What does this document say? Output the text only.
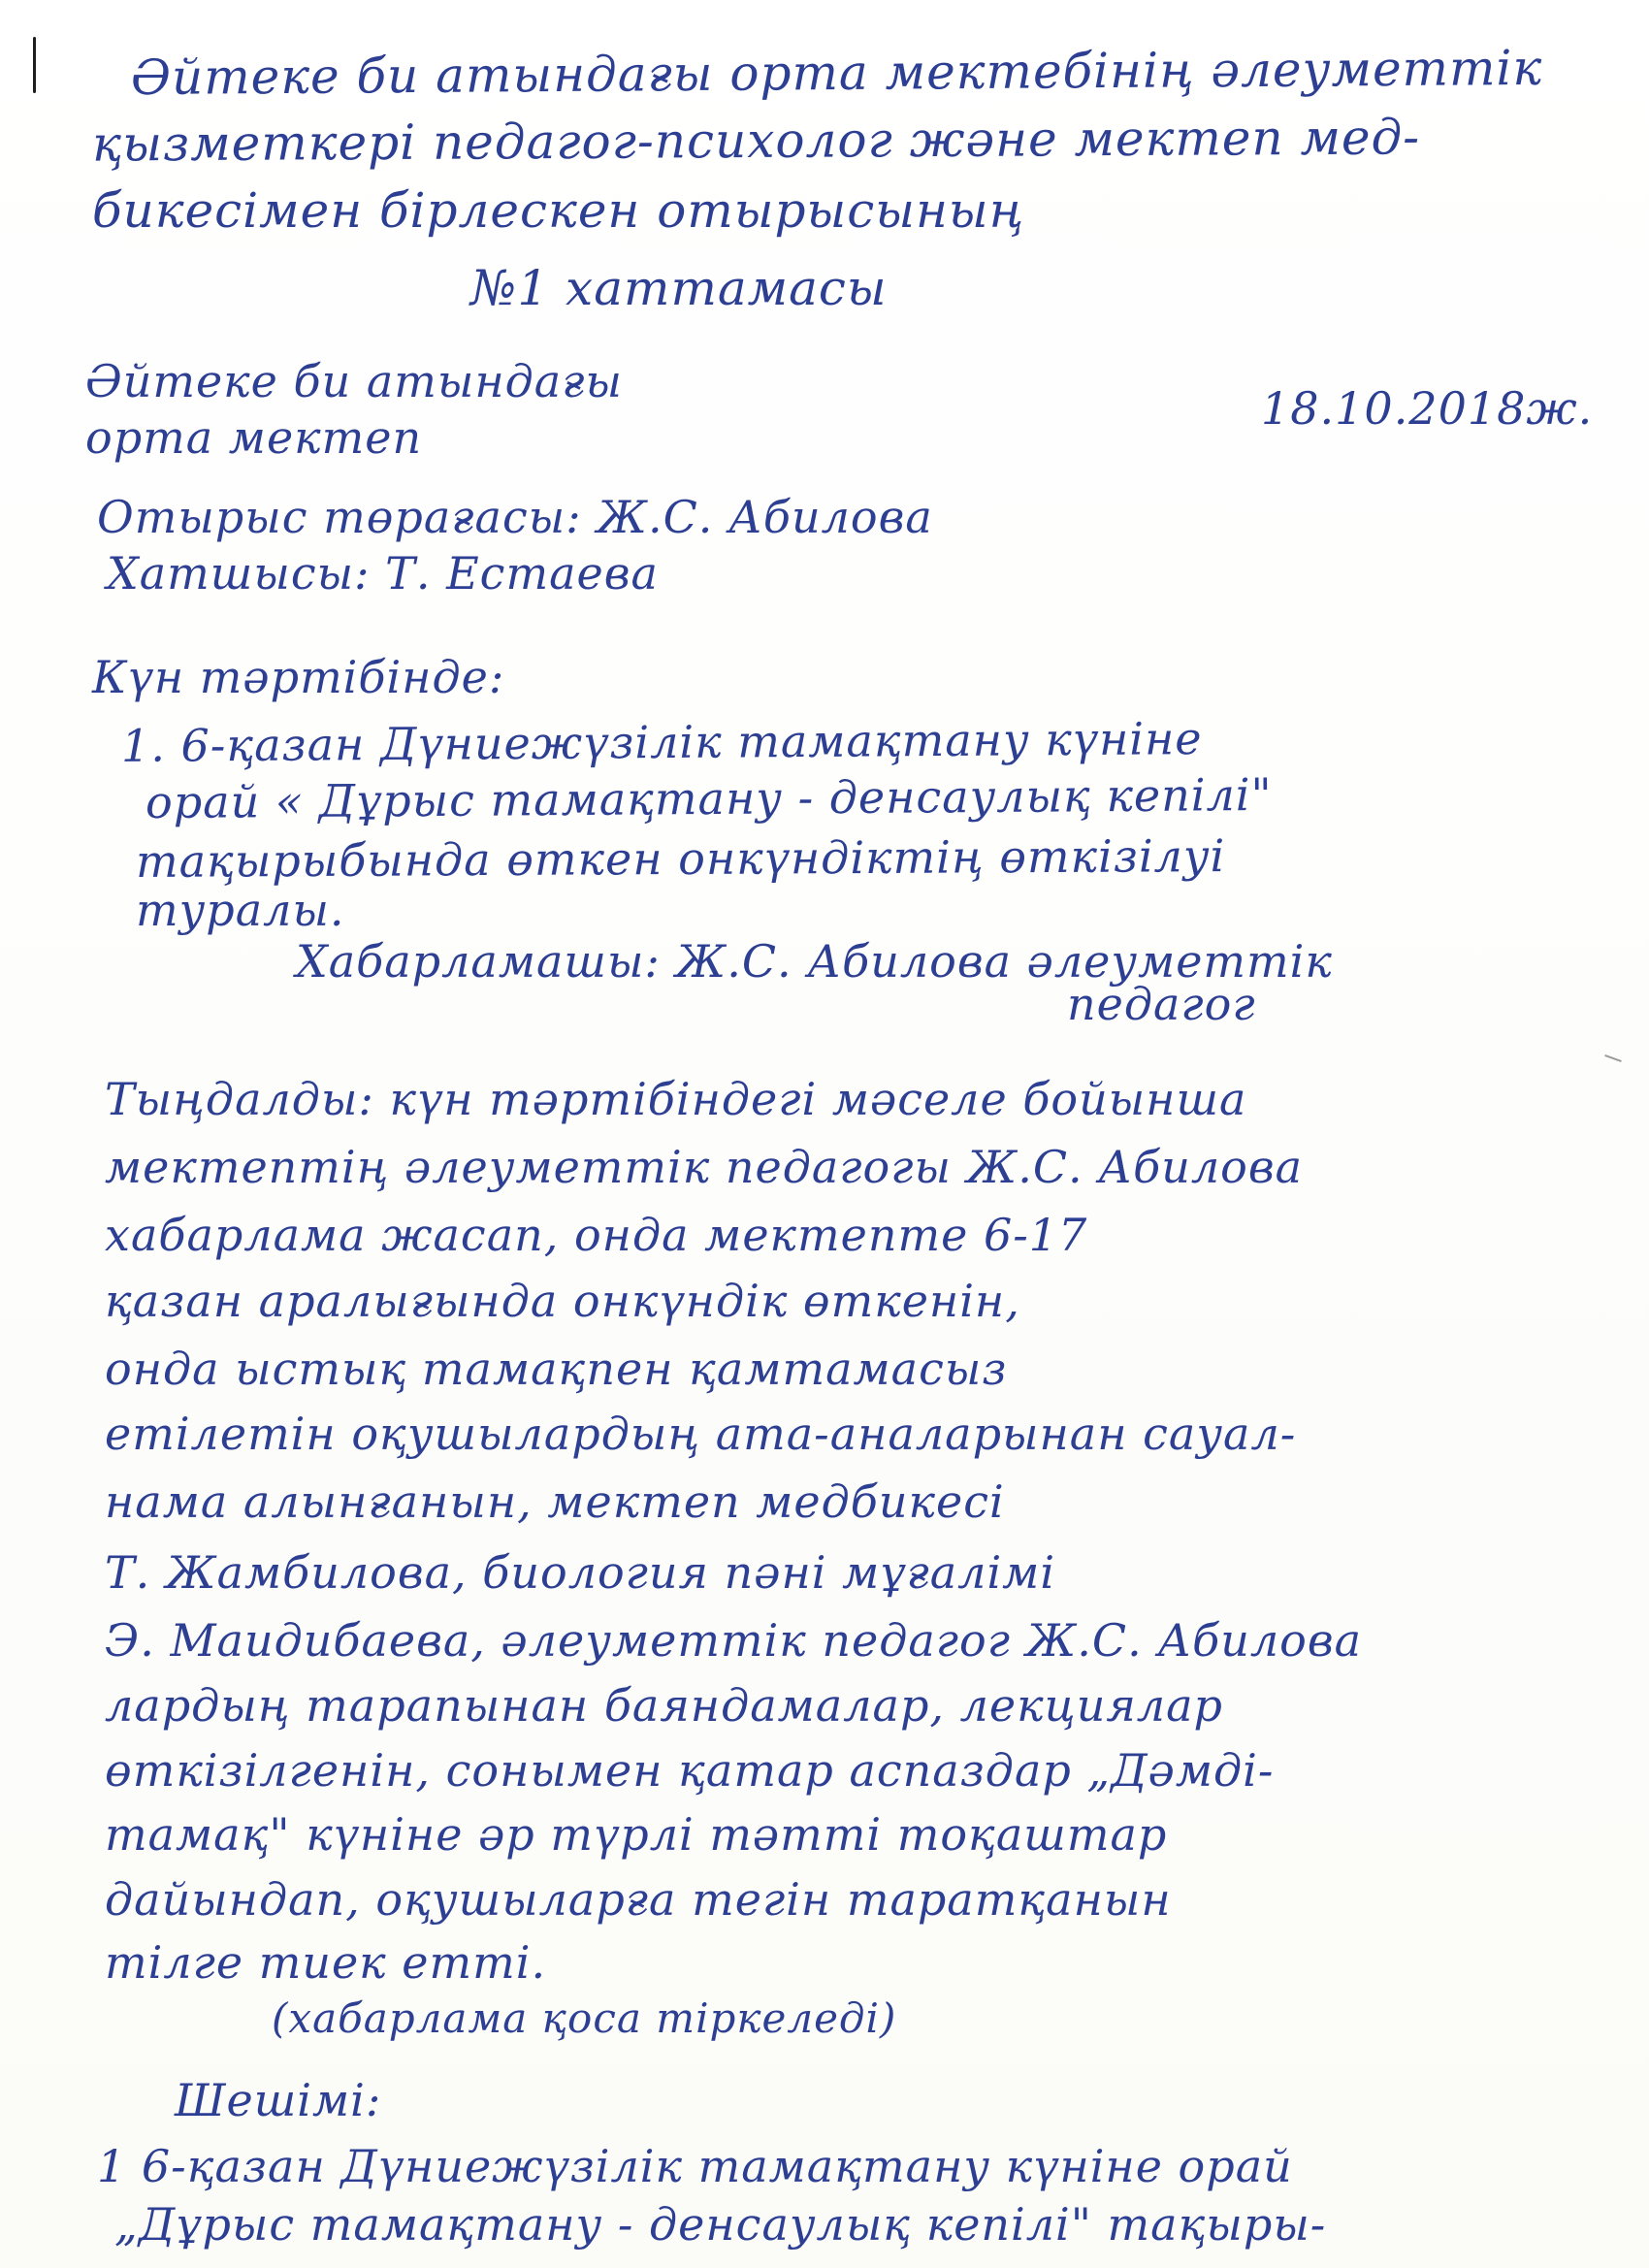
Әйтеке би атындағы орта мектебінің әлеуметтік
қызметкері педагог-психолог және мектеп мед-
бикесімен бірлескен отырысының
№1 хаттамасы
Әйтеке би атындағы
орта мектеп
18.10.2018ж.
Отырыс төрағасы: Ж.С. Абилова
Хатшысы: Т. Естаева
Күн тәртібінде:
1. 6-қазан Дүниежүзілік тамақтану күніне
орай « Дұрыс тамақтану - денсаулық кепілі"
тақырыбында өткен онкүндіктің өткізілуі
туралы.
Хабарламашы: Ж.С. Абилова әлеуметтік
педагог
Тыңдалды: күн тәртібіндегі мәселе бойынша
мектептің әлеуметтік педагогы Ж.С. Абилова
хабарлама жасап, онда мектепте 6-17
қазан аралығында онкүндік өткенін,
онда ыстық тамақпен қамтамасыз
етілетін оқушылардың ата-аналарынан сауал-
нама алынғанын, мектеп медбикесі
Т. Жамбилова, биология пәні мұғалімі
Э. Маидибаева, әлеуметтік педагог Ж.С. Абилова
лардың тарапынан баяндамалар, лекциялар
өткізілгенін, сонымен қатар аспаздар „Дәмді-
тамақ" күніне әр түрлі тәтті тоқаштар
дайындап, оқушыларға тегін таратқанын
тілге тиек етті.
(хабарлама қоса тіркеледі)
Шешімі:
1 6-қазан Дүниежүзілік тамақтану күніне орай
„Дұрыс тамақтану - денсаулық кепілі" тақыры-
